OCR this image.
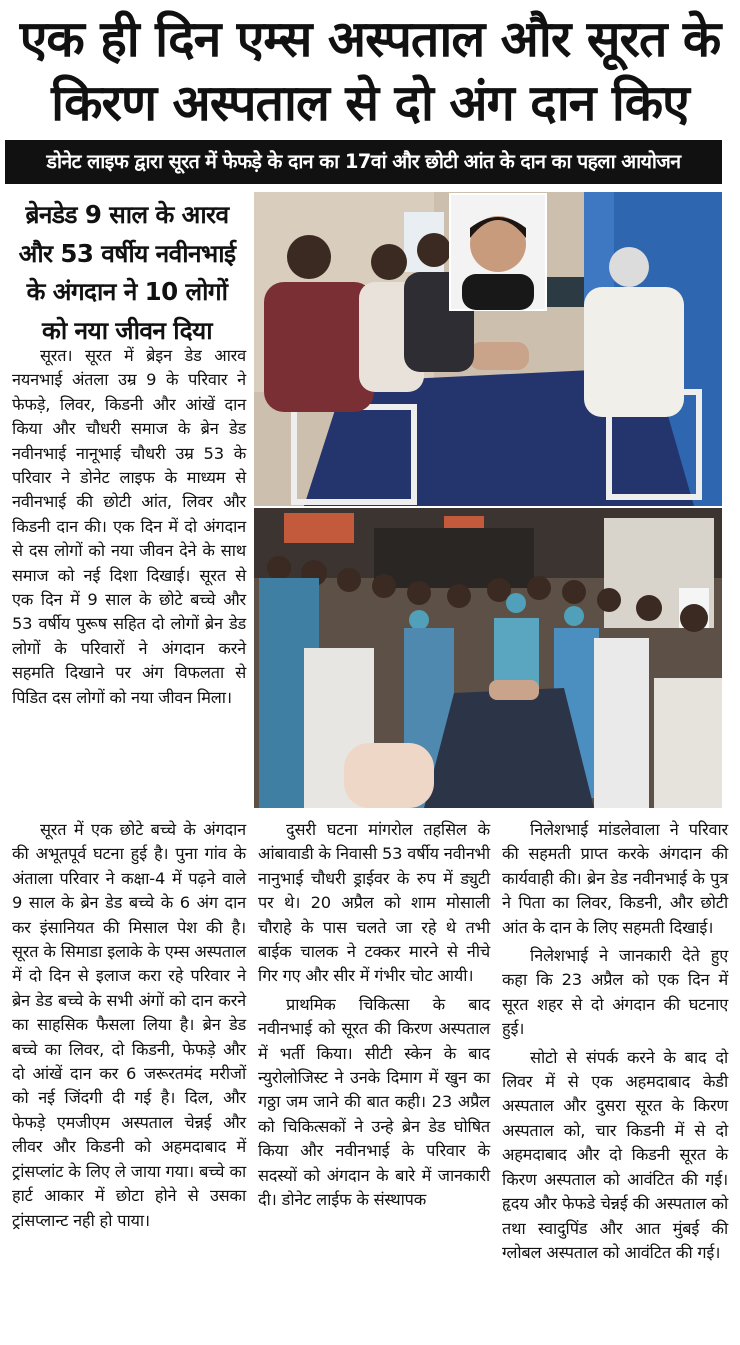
एक ही दिन एम्स अस्पताल और सूरत के
किरण अस्पताल से दो अंग दान किए
डोनेट लाइफ द्वारा सूरत में फेफड़े के दान का 17वां और छोटी आंत के दान का पहला आयोजन
ब्रेनडेड 9 साल के आरव
और 53 वर्षीय नवीनभाई
के अंगदान ने 10 लोगों
को नया जीवन दिया

सूरत। सूरत में ब्रेइन डेड आरव नयनभाई अंतला उम्र 9 के परिवार ने फेफड़े, लिवर, किडनी और आंखें दान किया और चौधरी समाज के ब्रेन डेड नवीनभाई नानूभाई चौधरी उम्र 53 के परिवार ने डोनेट लाइफ के माध्यम से नवीनभाई की छोटी आंत, लिवर और किडनी दान की। एक दिन में दो अंगदान से दस लोगों को नया जीवन देने के साथ समाज को नई दिशा दिखाई। सूरत से एक दिन में 9 साल के छोटे बच्चे और 53 वर्षीय पुरूष सहित दो लोगों ब्रेन डेड लोगों के परिवारों ने अंगदान करने सहमति दिखाने पर अंग विफलता से पिडित दस लोगों को नया जीवन मिला।

सूरत में एक छोटे बच्चे के अंगदान की अभूतपूर्व घटना हुई है। पुना गांव के अंताला परिवार ने कक्षा-4 में पढ़ने वाले 9 साल के ब्रेन डेड बच्चे के 6 अंग दान कर इंसानियत की मिसाल पेश की है। सूरत के सिमाडा इलाके के एम्स अस्पताल में दो दिन से इलाज करा रहे परिवार ने ब्रेन डेड बच्चे के सभी अंगों को दान करने का साहसिक फैसला लिया है। ब्रेन डेड बच्चे का लिवर, दो किडनी, फेफड़े और दो आंखें दान कर 6 जरूरतमंद मरीजों को नई जिंदगी दी गई है। दिल, और फेफड़े एमजीएम अस्पताल चेन्नई और लीवर और किडनी को अहमदाबाद में ट्रांसप्लांट के लिए ले जाया गया। बच्चे का हार्ट आकार में छोटा होने से उसका ट्रांसप्लान्ट नही हो पाया।

दुसरी घटना मांगरोल तहसिल के आंबावाडी के निवासी 53 वर्षीय नवीनभी नानुभाई चौधरी ड्राईवर के रुप में ड्युटी पर थे। 20 अप्रैल को शाम मोसाली चौराहे के पास चलते जा रहे थे तभी बाईक चालक ने टक्कर मारने से नीचे गिर गए और सीर में गंभीर चोट आयी।

प्राथमिक चिकित्सा के बाद नवीनभाई को सूरत की किरण अस्पताल में भर्ती किया। सीटी स्केन के बाद न्युरोलोजिस्ट ने उनके दिमाग में खुन का गठ्ठा जम जाने की बात कही। 23 अप्रैल को चिकित्सकों ने उन्हे ब्रेन डेड घोषित किया और नवीनभाई के परिवार के सदस्यों को अंगदान के बारे में जानकारी दी। डोनेट लाईफ के संस्थापक

निलेशभाई मांडलेवाला ने परिवार की सहमती प्राप्त करके अंगदान की कार्यवाही की। ब्रेन डेड नवीनभाई के पुत्र ने पिता का लिवर, किडनी, और छोटी आंत के दान के लिए सहमती दिखाई।

निलेशभाई ने जानकारी देते हुए कहा कि 23 अप्रैल को एक दिन में सूरत शहर से दो अंगदान की घटनाए हुई।

सोटो से संपर्क करने के बाद दो लिवर में से एक अहमदाबाद केडी अस्पताल और दुसरा सूरत के किरण अस्पताल को, चार किडनी में से दो अहमदाबाद और दो किडनी सूरत के किरण अस्पताल को आवंटित की गई। हृदय और फेफडे चेन्नई की अस्पताल को तथा स्वादुपिंड और आत मुंबई की ग्लोबल अस्पताल को आवंटित की गई।
